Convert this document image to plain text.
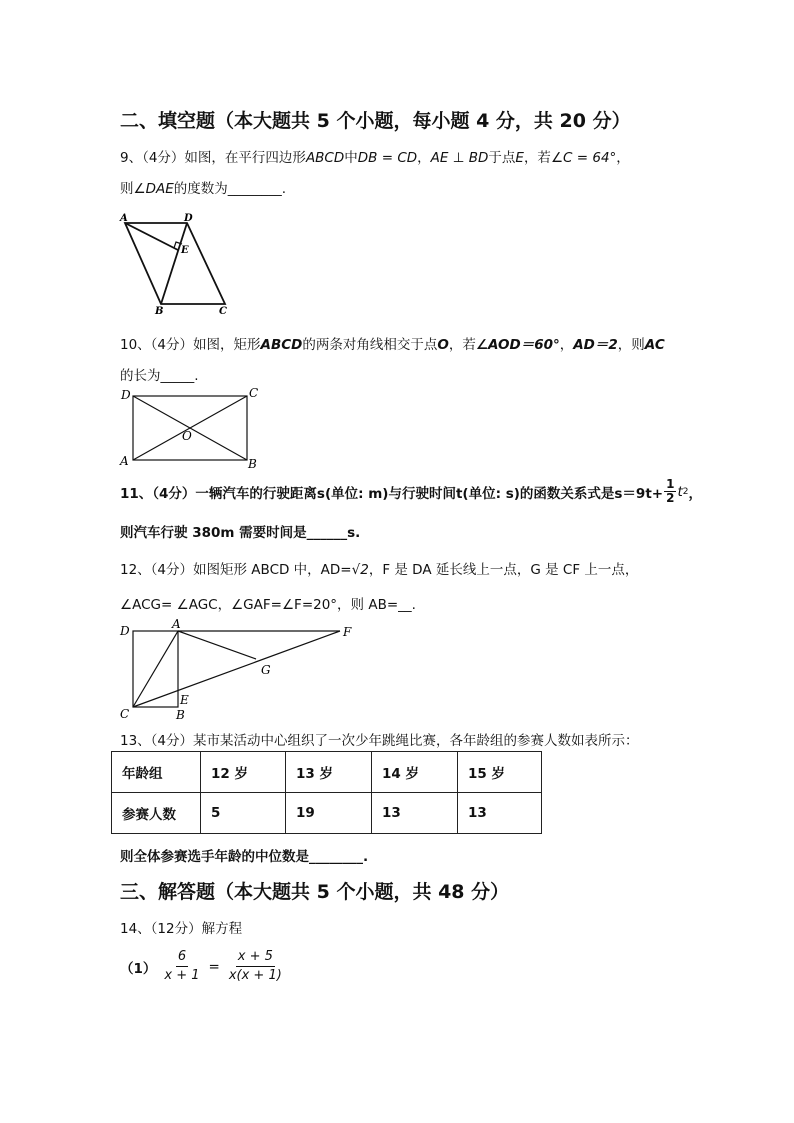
二、填空题（本大题共 5 个小题，每小题 4 分，共 20 分）
9、（4分）如图，在平行四边形ABCD中DB = CD，AE ⊥ BD于点E，若∠C = 64°，
则∠DAE的度数为________.
A	D
E
B	C
10、（4分）如图，矩形ABCD的两条对角线相交于点O，若∠AOD＝60°，AD＝2，则AC
的长为_____.
D	C
O
A	B
11、（4分）一辆汽车的行驶距离s(单位: m)与行驶时间t(单位: s)的函数关系式是$s=9t+ \frac{1}{2}$ t 2 ，
则汽车行驶 380m 需要时间是______s.
12、（4分）如图矩形 ABCD 中，AD=√2，F 是 DA 延长线上一点，G 是 CF 上一点，
∠ACG= ∠AGC，∠GAF=∠F=20°，则 AB=__.
D	A
F
G
E
C	B
13、（4分）某市某活动中心组织了一次少年跳绳比赛，各年龄组的参赛人数如表所示：
年龄组	12 岁	13 岁	14 岁	15 岁
参赛人数	5	19	13	13
则全体参赛选手年龄的中位数是________.
三、解答题（本大题共 5 个小题，共 48 分）
14、（12分）解方程
$(1) \frac{6}{x + 1} = \frac{x + 5}{x(x + 1)}$
